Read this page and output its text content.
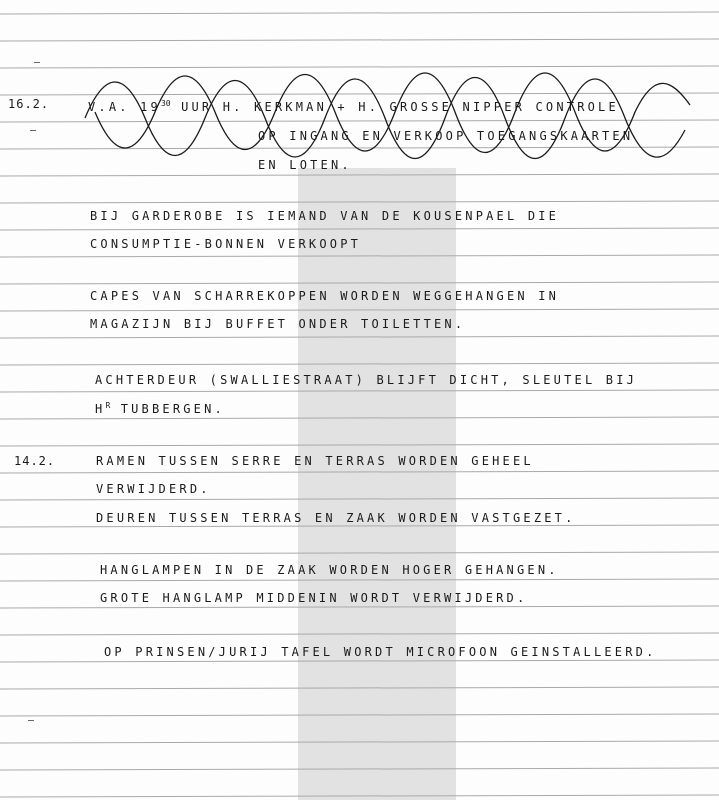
16.2.	V.A. $19^{30}$ UUR H. KERKMAN + H. GROSSE NIPPER CONTROLE
OP INGANG EN VERKOOP TOEGANGSKAARTEN
EN LOTEN.
BIJ GARDEROBE IS IEMAND VAN DE KOUSENPAEL DIE
CONSUMPTIE-BONNEN VERKOOPT
CAPES VAN SCHARREKOPPEN WORDEN WEGGEHANGEN IN
MAGAZIJN BIJ BUFFET ONDER TOILETTEN.
ACHTERDEUR (SWALLIESTRAAT) BLIJFT DICHT, SLEUTEL BIJ
$H^R$ TUBBERGEN.
14.2.	RAMEN TUSSEN SERRE EN TERRAS WORDEN GEHEEL
VERWIJDERD.
DEUREN TUSSEN TERRAS EN ZAAK WORDEN VASTGEZET.
HANGLAMPEN IN DE ZAAK WORDEN HOGER GEHANGEN.
GROTE HANGLAMP MIDDENIN WORDT VERWIJDERD.
OP PRINSEN/JURIJ TAFEL WORDT MICROFOON GEINSTALLEERD.
